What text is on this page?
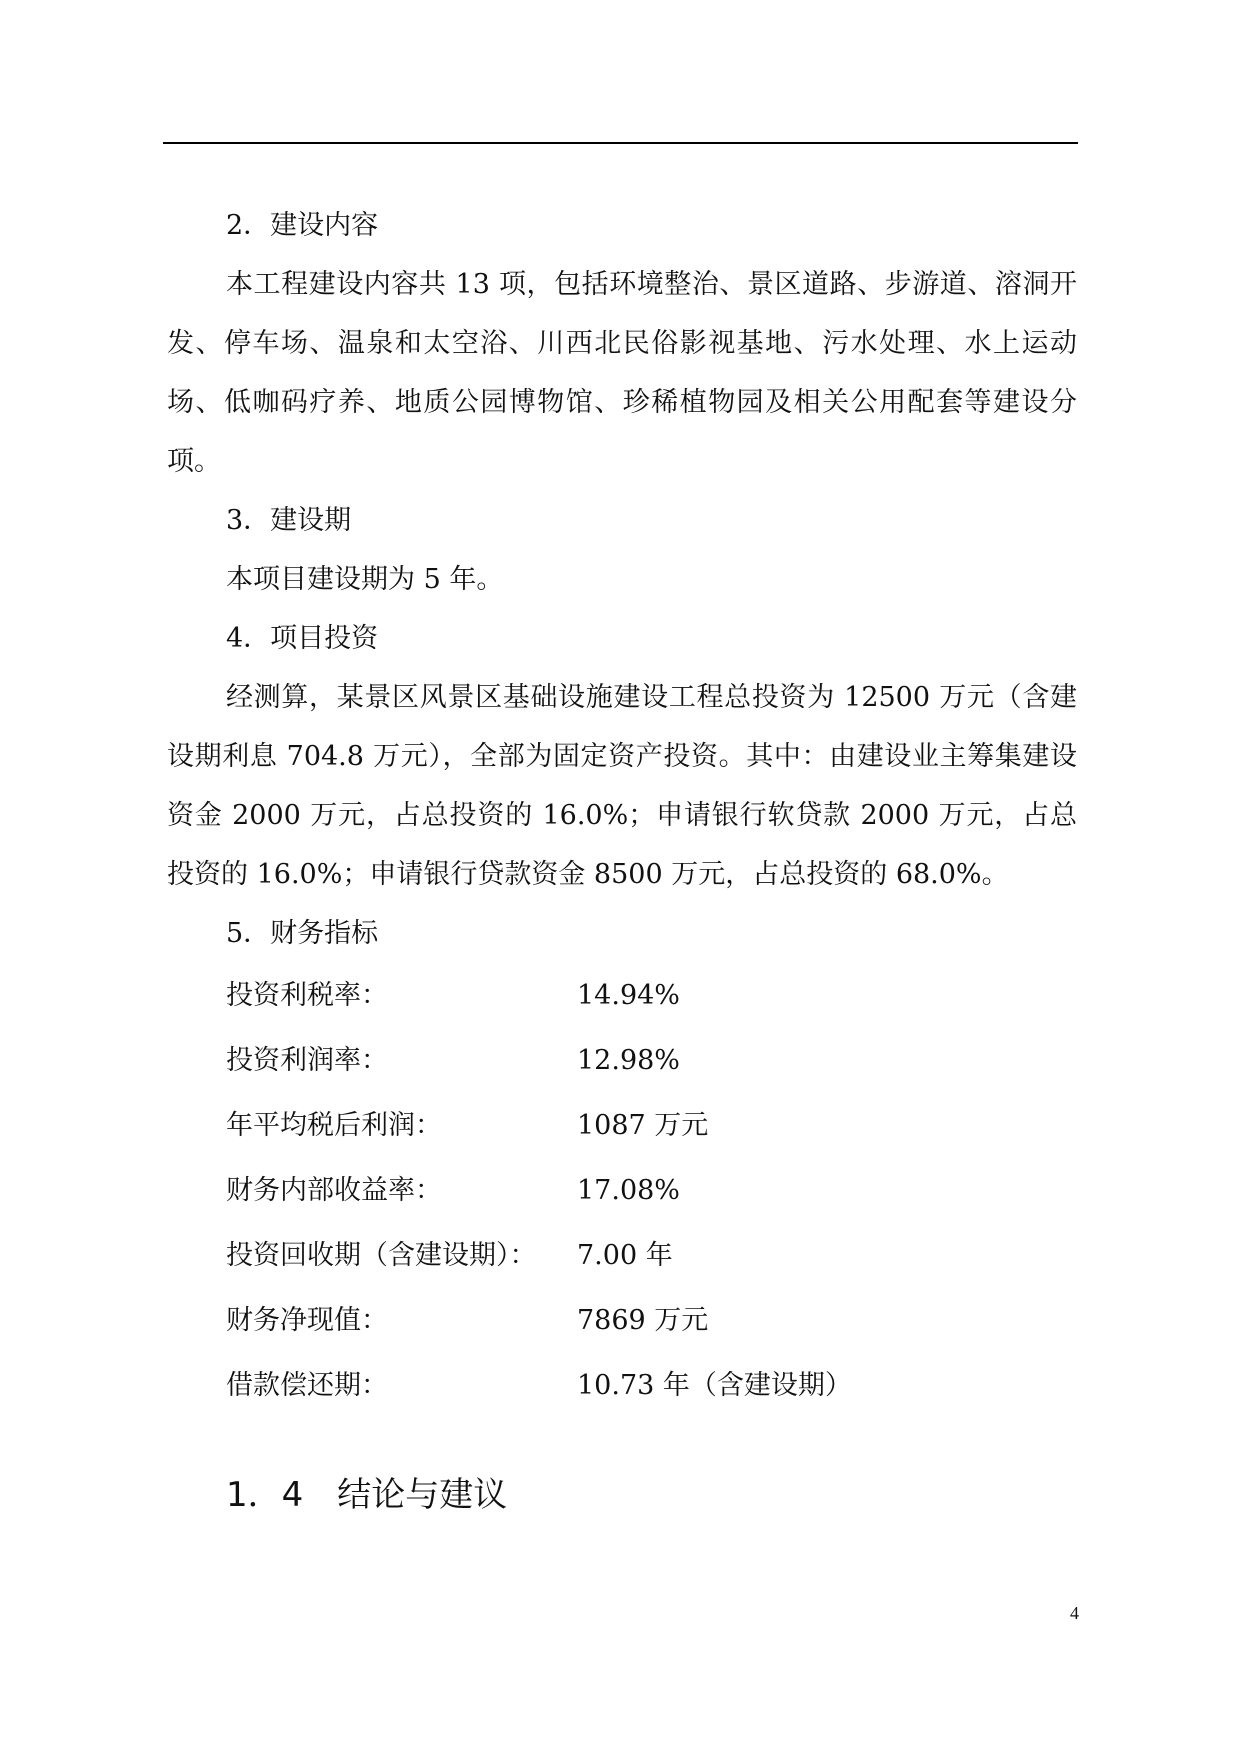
2．建设内容
本工程建设内容共 13 项，包括环境整治、景区道路、步游道、溶洞开发、停车场、温泉和太空浴、川西北民俗影视基地、污水处理、水上运动场、低咖码疗养、地质公园博物馆、珍稀植物园及相关公用配套等建设分项。
3．建设期
本项目建设期为 5 年。
4．项目投资
经测算，某景区风景区基础设施建设工程总投资为 12500 万元（含建设期利息 704.8 万元），全部为固定资产投资。其中：由建设业主筹集建设资金 2000 万元，占总投资的 16.0%；申请银行软贷款 2000 万元，占总投资的 16.0%；申请银行贷款资金 8500 万元，占总投资的 68.0%。
5．财务指标
投资利税率：	14.94%
投资利润率：	12.98%
年平均税后利润：	1087 万元
财务内部收益率：	17.08%
投资回收期（含建设期）：	7.00 年
财务净现值：	7869 万元
借款偿还期：	10.73 年（含建设期）
1．4　结论与建议
4
